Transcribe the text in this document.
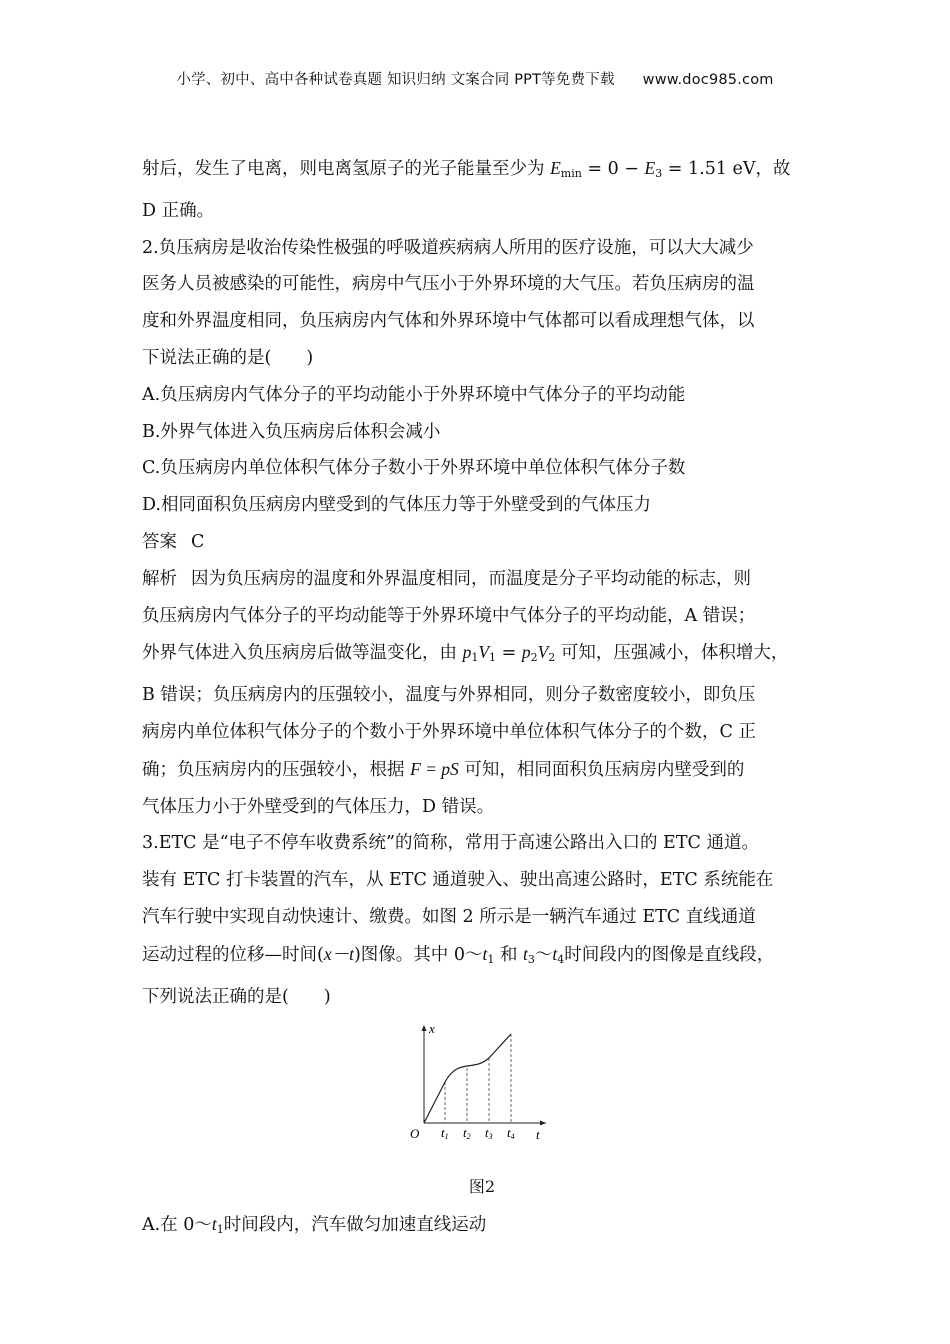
小学、初中、高中各种试卷真题 知识归纳 文案合同 PPT等免费下载 www.doc985.com

射后，发生了电离，则电离氢原子的光子能量至少为 $E_{min} = 0 - E_3 = 1.51$ eV，故

D 正确。

2.负压病房是收治传染性极强的呼吸道疾病病人所用的医疗设施，可以大大减少

医务人员被感染的可能性，病房中气压小于外界环境的大气压。若负压病房的温

度和外界温度相同，负压病房内气体和外界环境中气体都可以看成理想气体，以

下说法正确的是(　　)

A.负压病房内气体分子的平均动能小于外界环境中气体分子的平均动能

B.外界气体进入负压病房后体积会减小

C.负压病房内单位体积气体分子数小于外界环境中单位体积气体分子数

D.相同面积负压病房内壁受到的气体压力等于外壁受到的气体压力

答案 C

解析 因为负压病房的温度和外界温度相同，而温度是分子平均动能的标志，则

负压病房内气体分子的平均动能等于外界环境中气体分子的平均动能，A 错误；

外界气体进入负压病房后做等温变化，由 $p_1V_1 = p_2V_2$ 可知，压强减小，体积增大，

B 错误；负压病房内的压强较小，温度与外界相同，则分子数密度较小，即负压

病房内单位体积气体分子的个数小于外界环境中单位体积气体分子的个数，C 正

确；负压病房内的压强较小，根据 F = pS 可知，相同面积负压病房内壁受到的

气体压力小于外壁受到的气体压力，D 错误。

3.ETC 是“电子不停车收费系统”的简称，常用于高速公路出入口的 ETC 通道。

装有 ETC 打卡装置的汽车，从 ETC 通道驶入、驶出高速公路时，ETC 系统能在

汽车行驶中实现自动快速计、缴费。如图 2 所示是一辆汽车通过 ETC 直线通道

运动过程的位移—时间(x－t)图像。其中 $0\sim t_1$ 和 $t_3\sim t_4$时间段内的图像是直线段，

下列说法正确的是(　　)

x
t
O t1 t2 t3 t4

图2

A.在 $0\sim t_1$时间段内，汽车做匀加速直线运动
